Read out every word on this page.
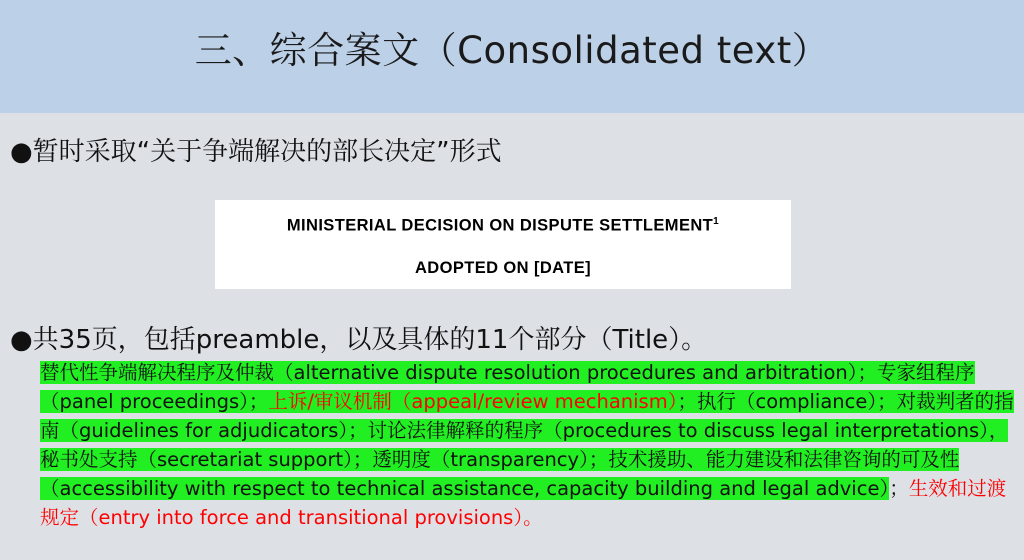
三、综合案文（Consolidated text）
●暂时采取“关于争端解决的部长决定”形式
MINISTERIAL DECISION ON DISPUTE SETTLEMENT$^1$
ADOPTED ON [DATE]
●共35页，包括preamble，以及具体的11个部分（Title）。
替代性争端解决程序及仲裁（alternative dispute resolution procedures and arbitration）；专家组程序（panel proceedings）；上诉/审议机制（appeal/review mechanism）；执行（compliance）；对裁判者的指南（guidelines for adjudicators）；讨论法律解释的程序（procedures to discuss legal interpretations），秘书处支持（secretariat support）；透明度（transparency）；技术援助、能力建设和法律咨询的可及性（accessibility with respect to technical assistance, capacity building and legal advice）；生效和过渡规定（entry into force and transitional provisions）。
